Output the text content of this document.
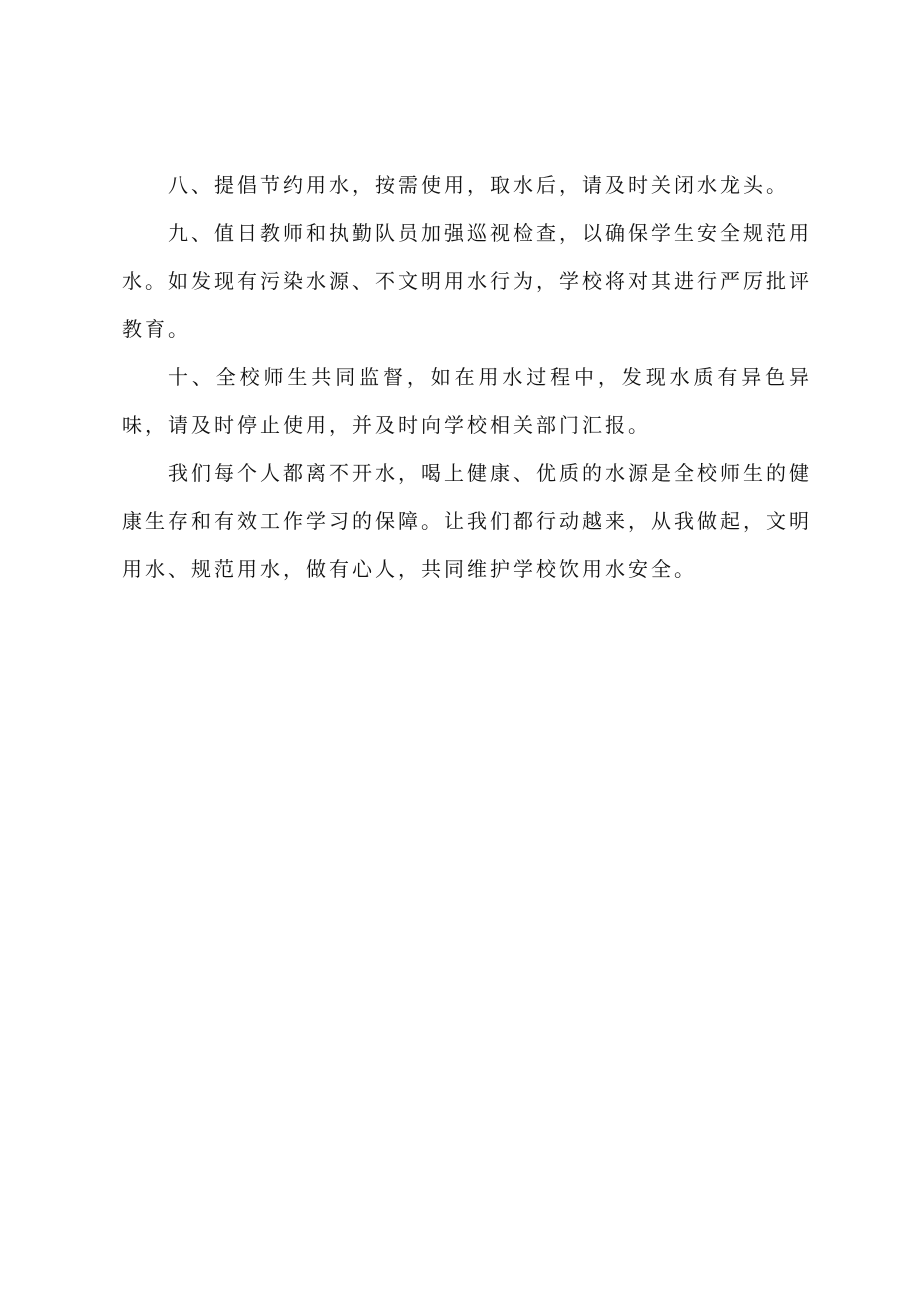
八、提倡节约用水，按需使用，取水后，请及时关闭水龙头。

九、值日教师和执勤队员加强巡视检查，以确保学生安全规范用水。如发现有污染水源、不文明用水行为，学校将对其进行严厉批评教育。

十、全校师生共同监督，如在用水过程中，发现水质有异色异味，请及时停止使用，并及时向学校相关部门汇报。

我们每个人都离不开水，喝上健康、优质的水源是全校师生的健康生存和有效工作学习的保障。让我们都行动越来，从我做起，文明用水、规范用水，做有心人，共同维护学校饮用水安全。
